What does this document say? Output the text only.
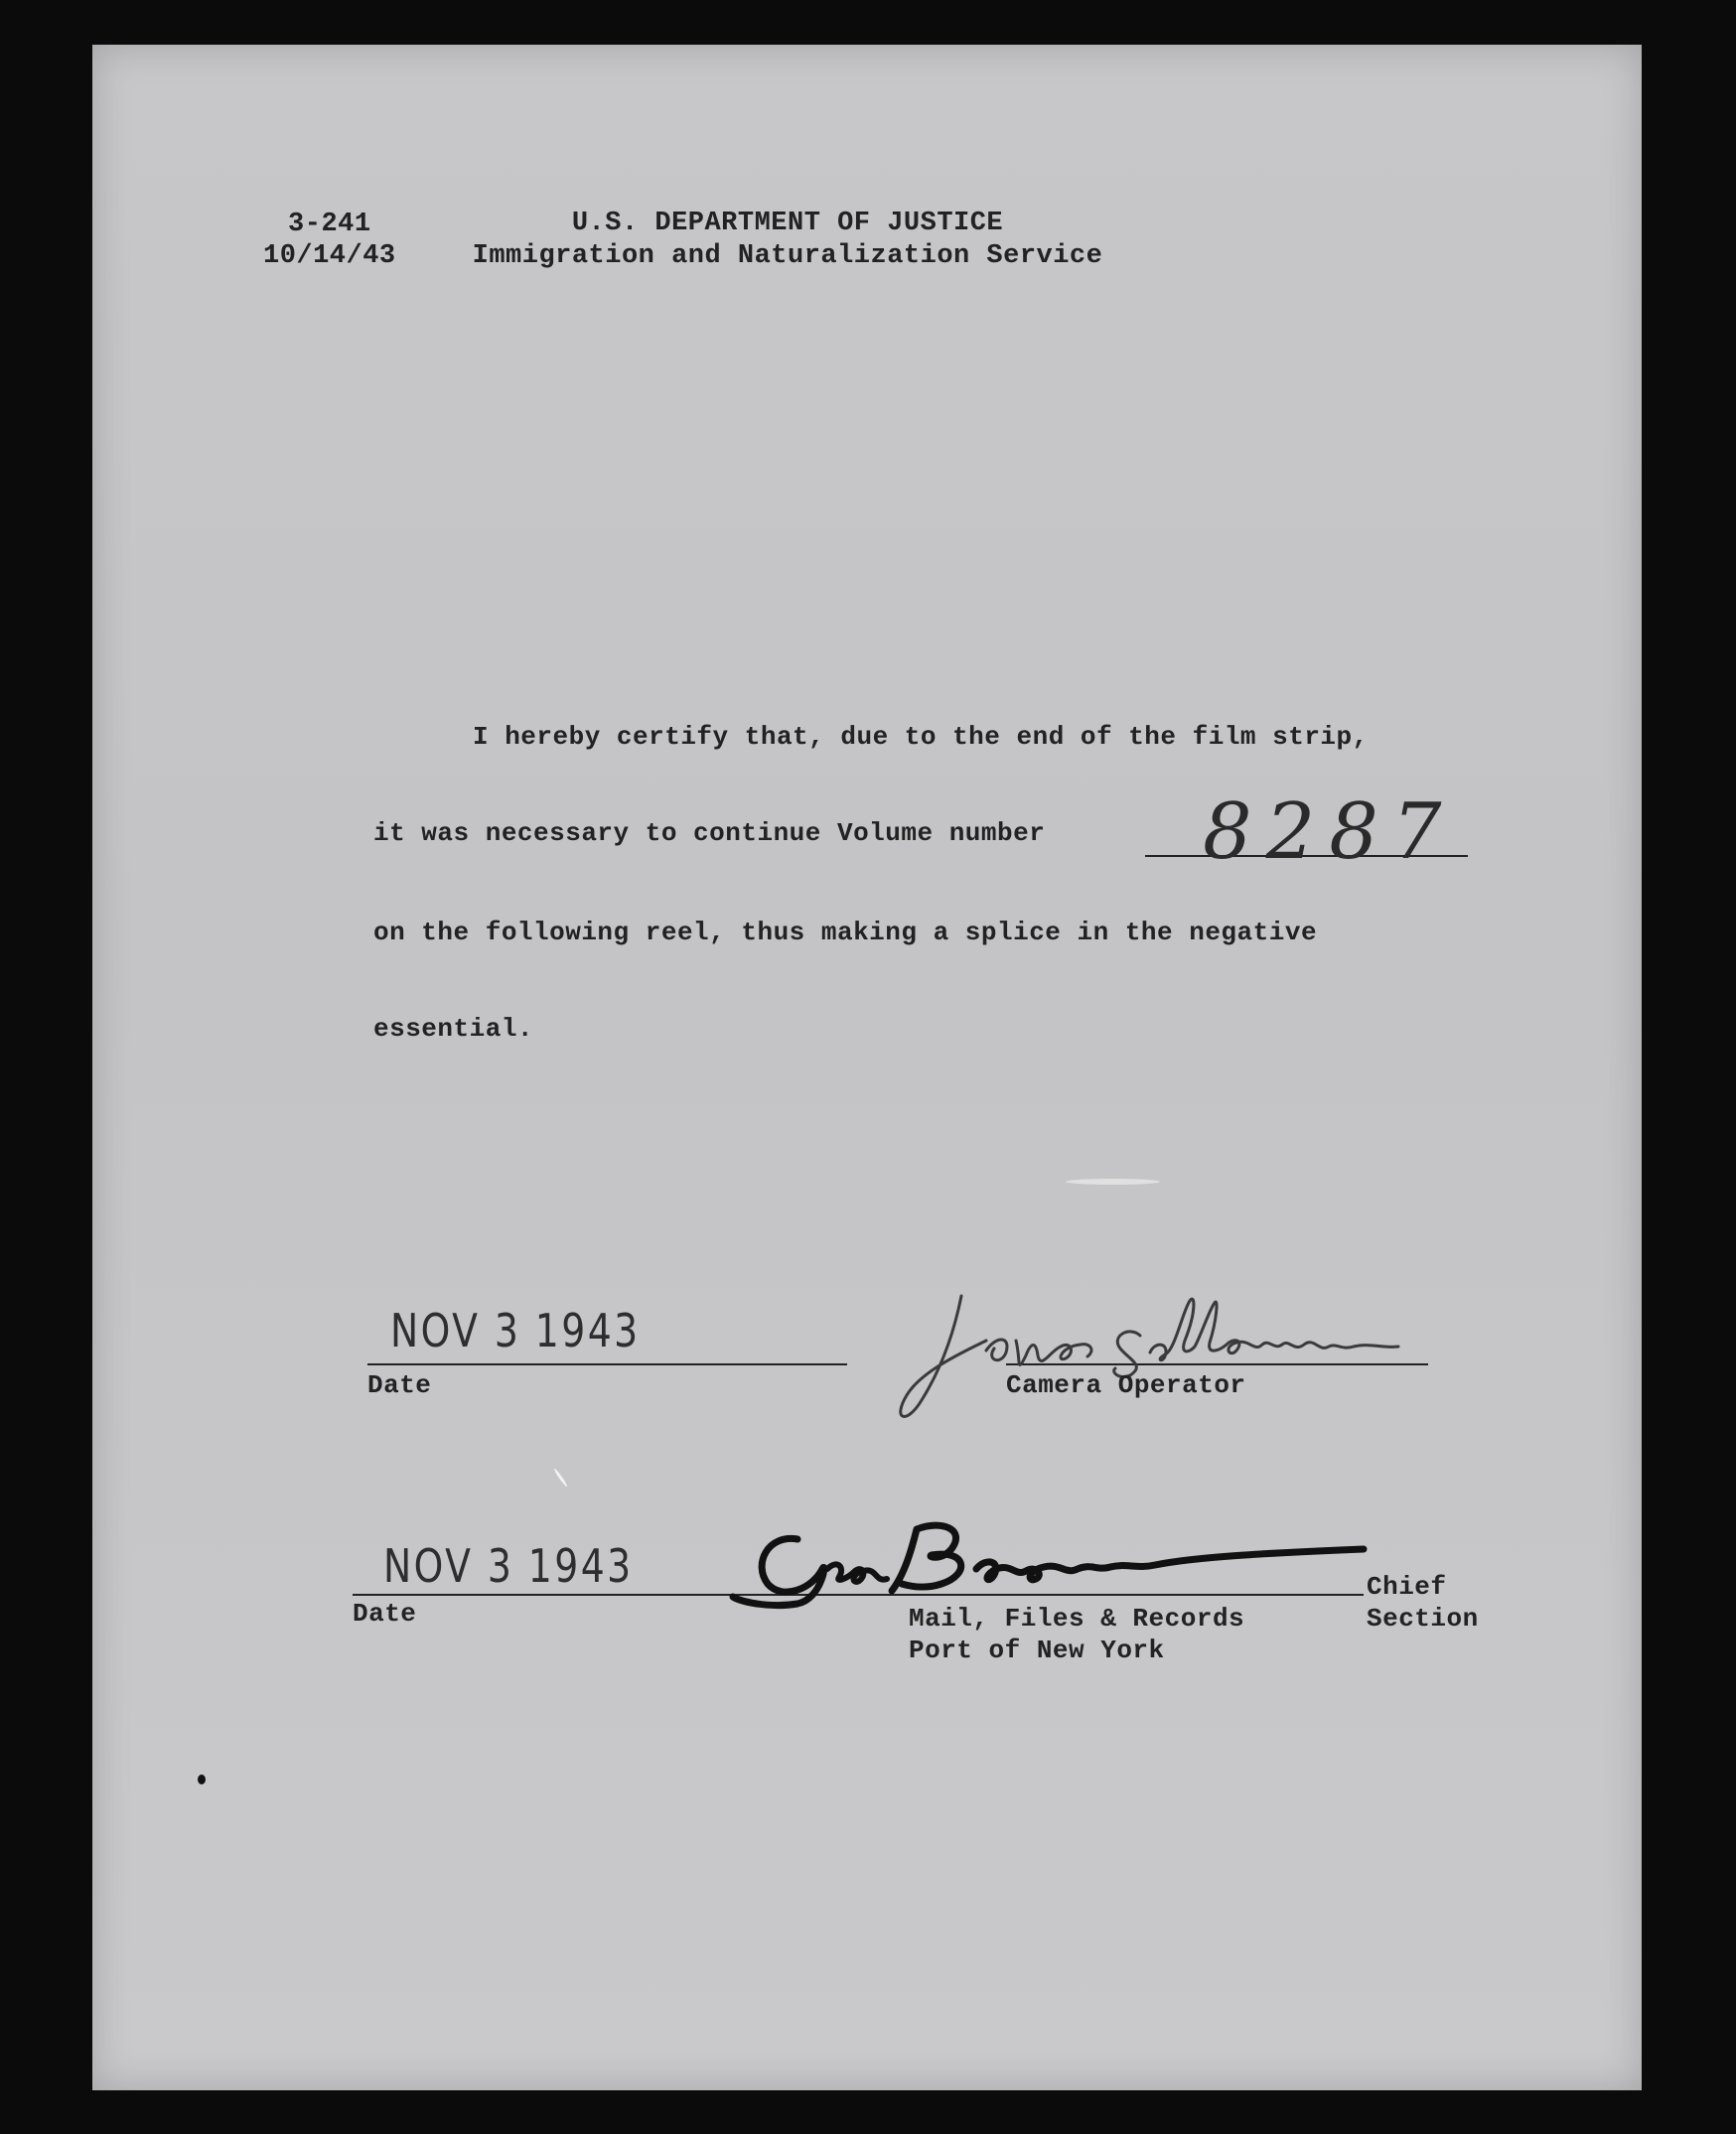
3-241
10/14/43
U.S. DEPARTMENT OF JUSTICE
Immigration and Naturalization Service
I hereby certify that, due to the end of the film strip,
it was necessary to continue Volume number 8287
on the following reel, thus making a splice in the negative
essential.
NOV 3 1943
Date	Camera Operator
NOV 3 1943
Date
Chief
Mail, Files & Records	Section
Port of New York
